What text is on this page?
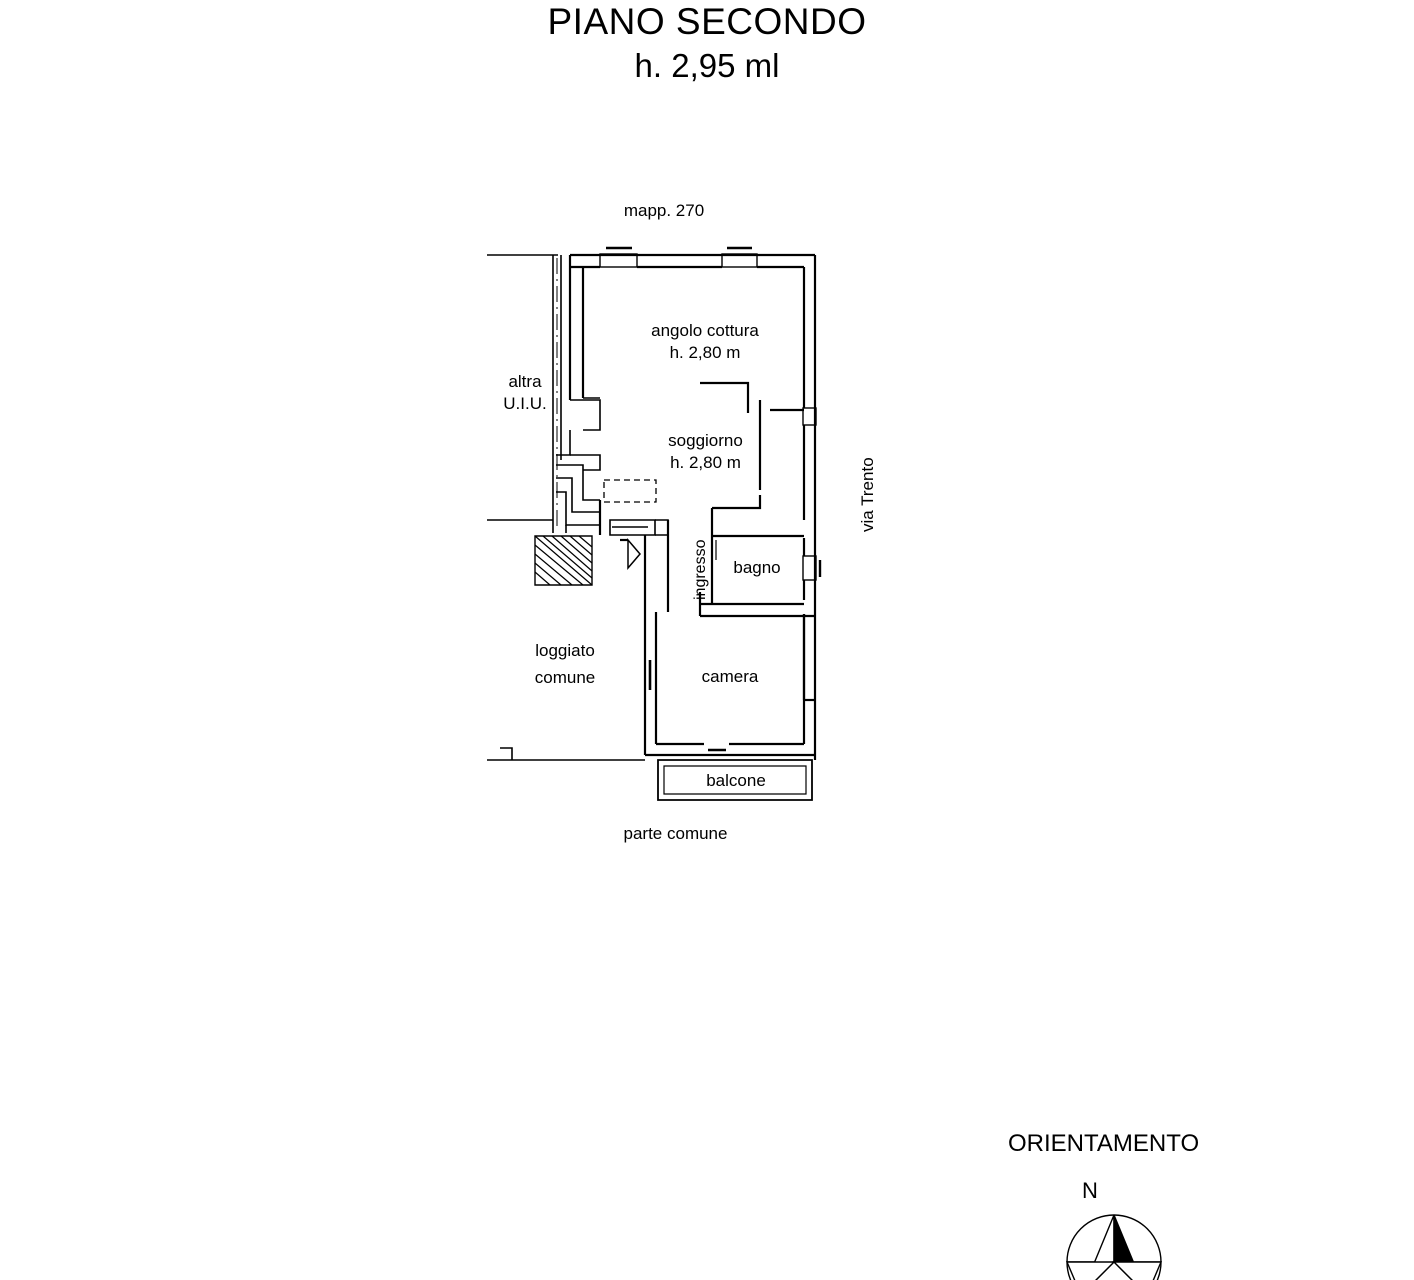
PIANO SECONDO
h. 2,95 ml
mapp. 270
angolo cottura
h. 2,80 m
soggiorno
h. 2,80 m
bagno
camera
balcone
altra
U.I.U.
loggiato
comune
parte comune
ingresso
via Trento
ORIENTAMENTO
N
